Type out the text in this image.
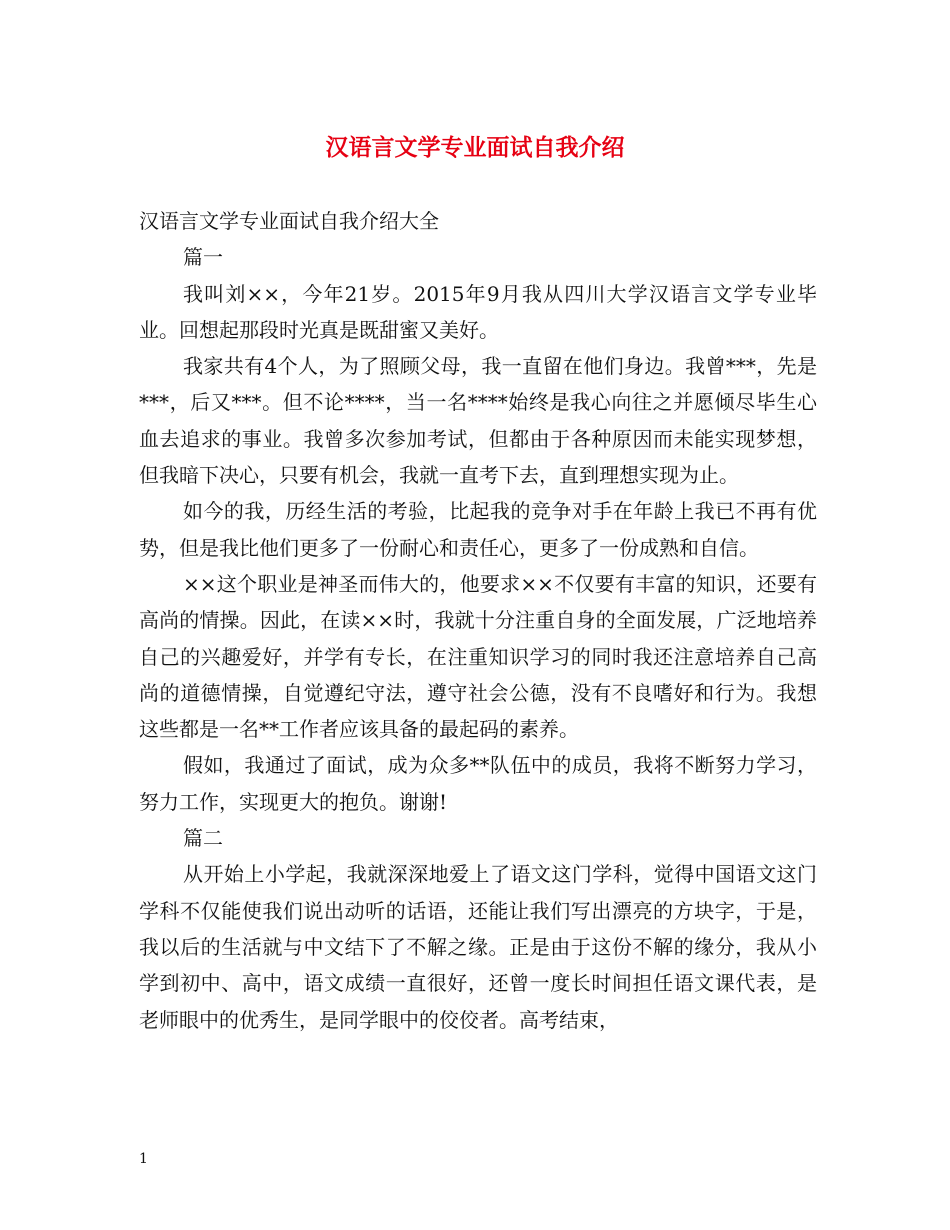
汉语言文学专业面试自我介绍

汉语言文学专业面试自我介绍大全

篇一

我叫刘××，今年21岁。2015年9月我从四川大学汉语言文学专业毕业。回想起那段时光真是既甜蜜又美好。

我家共有4个人，为了照顾父母，我一直留在他们身边。我曾***，先是***，后又***。但不论****，当一名****始终是我心向往之并愿倾尽毕生心血去追求的事业。我曾多次参加考试，但都由于各种原因而未能实现梦想，但我暗下决心，只要有机会，我就一直考下去，直到理想实现为止。

如今的我，历经生活的考验，比起我的竞争对手在年龄上我已不再有优势，但是我比他们更多了一份耐心和责任心，更多了一份成熟和自信。

××这个职业是神圣而伟大的，他要求××不仅要有丰富的知识，还要有高尚的情操。因此，在读××时，我就十分注重自身的全面发展，广泛地培养自己的兴趣爱好，并学有专长，在注重知识学习的同时我还注意培养自己高尚的道德情操，自觉遵纪守法，遵守社会公德，没有不良嗜好和行为。我想这些都是一名**工作者应该具备的最起码的素养。

假如，我通过了面试，成为众多**队伍中的成员，我将不断努力学习，努力工作，实现更大的抱负。谢谢!

篇二

从开始上小学起，我就深深地爱上了语文这门学科，觉得中国语文这门学科不仅能使我们说出动听的话语，还能让我们写出漂亮的方块字，于是，我以后的生活就与中文结下了不解之缘。正是由于这份不解的缘分，我从小学到初中、高中，语文成绩一直很好，还曾一度长时间担任语文课代表，是老师眼中的优秀生，是同学眼中的佼佼者。高考结束，

1
